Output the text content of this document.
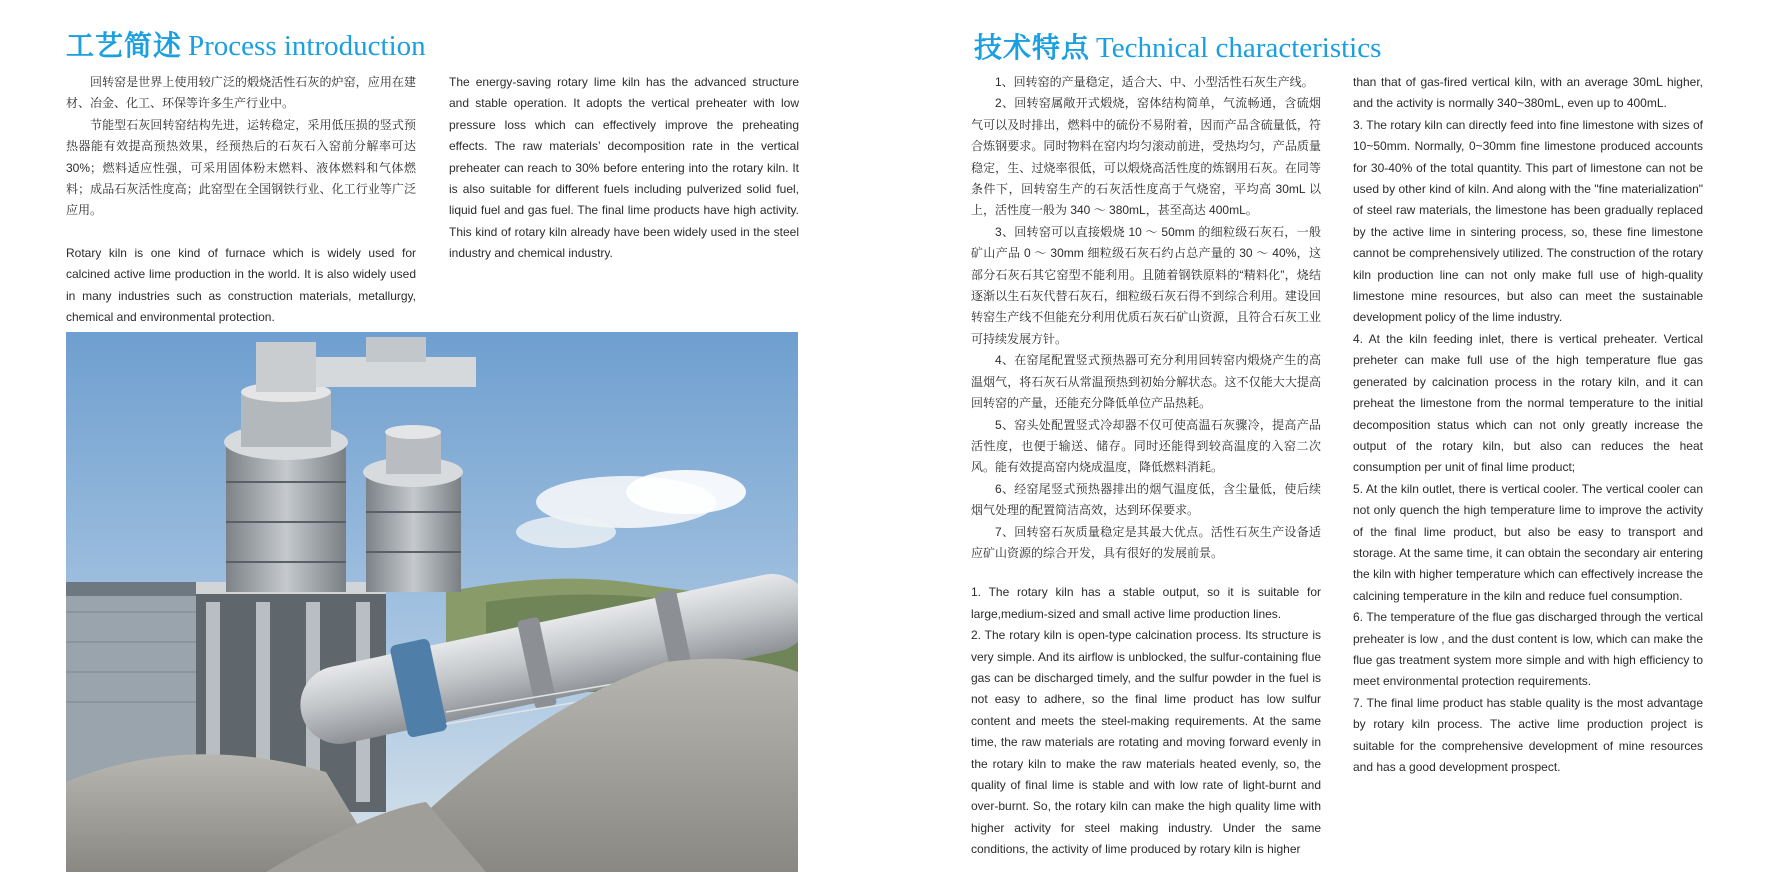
工艺简述 Process introduction	技术特点 Technical characteristics

回转窑是世界上使用较广泛的煅烧活性石灰的炉窑，应用在建材、冶金、化工、环保等许多生产行业中。

节能型石灰回转窑结构先进，运转稳定，采用低压损的竖式预热器能有效提高预热效果，经预热后的石灰石入窑前分解率可达 30%；燃料适应性强，可采用固体粉末燃料、液体燃料和气体燃料；成品石灰活性度高；此窑型在全国钢铁行业、化工行业等广泛应用。

Rotary kiln is one kind of furnace which is widely used for calcined active lime production in the world. It is also widely used in many industries such as construction materials, metallurgy, chemical and environmental protection.

The energy-saving rotary lime kiln has the advanced structure and stable operation. It adopts the vertical preheater with low pressure loss which can effectively improve the preheating effects. The raw materials’ decomposition rate in the vertical preheater can reach to 30% before entering into the rotary kiln. It is also suitable for different fuels including pulverized solid fuel, liquid fuel and gas fuel. The final lime products have high activity. This kind of rotary kiln already have been widely used in the steel industry and chemical industry.

1、回转窑的产量稳定，适合大、中、小型活性石灰生产线。

2、回转窑属敞开式煅烧，窑体结构简单，气流畅通，含硫烟气可以及时排出，燃料中的硫份不易附着，因而产品含硫量低，符合炼钢要求。同时物料在窑内均匀滚动前进，受热均匀，产品质量稳定，生、过烧率很低，可以煅烧高活性度的炼钢用石灰。在同等条件下，回转窑生产的石灰活性度高于气烧窑，平均高 30mL 以上，活性度一般为 340 ～ 380mL，甚至高达 400mL。

3、回转窑可以直接煅烧 10 ～ 50mm 的细粒级石灰石，一般矿山产品 0 ～ 30mm 细粒级石灰石约占总产量的 30 ～ 40%，这部分石灰石其它窑型不能利用。且随着钢铁原料的“精料化”，烧结逐渐以生石灰代替石灰石，细粒级石灰石得不到综合利用。建设回转窑生产线不但能充分利用优质石灰石矿山资源，且符合石灰工业可持续发展方针。

4、在窑尾配置竖式预热器可充分利用回转窑内煅烧产生的高温烟气，将石灰石从常温预热到初始分解状态。这不仅能大大提高回转窑的产量，还能充分降低单位产品热耗。

5、窑头处配置竖式冷却器不仅可使高温石灰骤冷，提高产品活性度，也便于输送、储存。同时还能得到较高温度的入窑二次风。能有效提高窑内烧成温度，降低燃料消耗。

6、经窑尾竖式预热器排出的烟气温度低，含尘量低，使后续烟气处理的配置简洁高效，达到环保要求。

7、回转窑石灰质量稳定是其最大优点。活性石灰生产设备适应矿山资源的综合开发，具有很好的发展前景。

1. The rotary kiln has a stable output, so it is suitable for large,medium-sized and small active lime production lines.

2. The rotary kiln is open-type calcination process. Its structure is very simple. And its airflow is unblocked, the sulfur-containing flue gas can be discharged timely, and the sulfur powder in the fuel is not easy to adhere, so the final lime product has low sulfur content and meets the steel-making requirements. At the same time, the raw materials are rotating and moving forward evenly in the rotary kiln to make the raw materials heated evenly, so, the quality of final lime is stable and with low rate of light-burnt and over-burnt. So, the rotary kiln can make the high quality lime with higher activity for steel making industry. Under the same conditions, the activity of lime produced by rotary kiln is higher

than that of gas-fired vertical kiln, with an average 30mL higher, and the activity is normally 340~380mL, even up to 400mL.

3. The rotary kiln can directly feed into fine limestone with sizes of 10~50mm. Normally, 0~30mm fine limestone produced accounts for 30-40% of the total quantity. This part of limestone can not be used by other kind of kiln. And along with the "fine materialization" of steel raw materials, the limestone has been gradually replaced by the active lime in sintering process, so, these fine limestone cannot be comprehensively utilized. The construction of the rotary kiln production line can not only make full use of high-quality limestone mine resources, but also can meet the sustainable development policy of the lime industry.

4. At the kiln feeding inlet, there is vertical preheater. Vertical preheter can make full use of the high temperature flue gas generated by calcination process in the rotary kiln, and it can preheat the limestone from the normal temperature to the initial decomposition status which can not only greatly increase the output of the rotary kiln, but also can reduces the heat consumption per unit of final lime product;

5. At the kiln outlet, there is vertical cooler. The vertical cooler can not only quench the high temperature lime to improve the activity of the final lime product, but also be easy to transport and storage. At the same time, it can obtain the secondary air entering the kiln with higher temperature which can effectively increase the calcining temperature in the kiln and reduce fuel consumption.

6. The temperature of the flue gas discharged through the vertical preheater is low , and the dust content is low, which can make the flue gas treatment system more simple and with high efficiency to meet environmental protection requirements.

7. The final lime product has stable quality is the most advantage by rotary kiln process. The active lime production project is suitable for the comprehensive development of mine resources and has a good development prospect.
